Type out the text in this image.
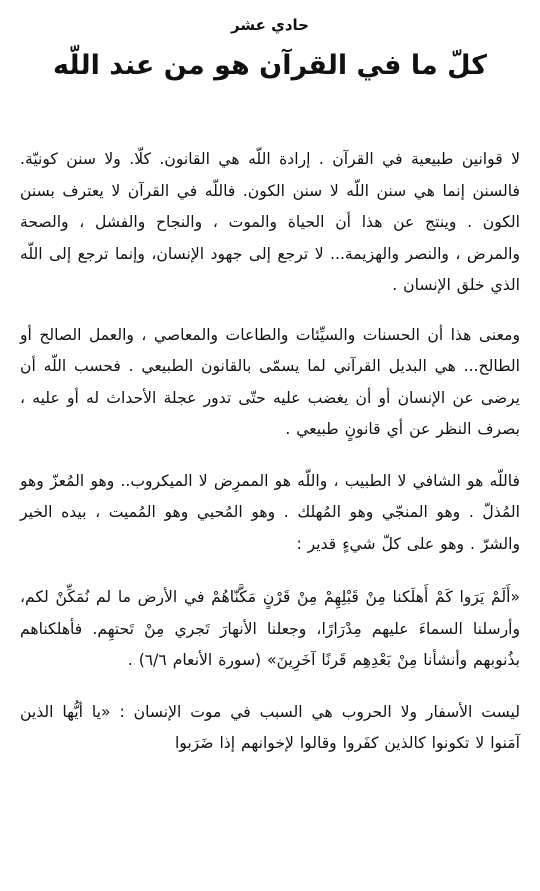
حادي عشر
كلّ ما في القرآن هو من عند اللّه

لا قوانين طبيعية في القرآن . إرادة اللّه هي القانون. كلّا. ولا سنن كونيّة. فالسنن إنما هي سنن اللّه لا سنن الكون. فاللّه في القرآن لا يعترف بسنن الكون . وينتج عن هذا أن الحياة والموت ، والنجاح والفشل ، والصحة والمرض ، والنصر والهزيمة... لا ترجع إلى جهود الإنسان، وإنما ترجع إلى اللّه الذي خلق الإنسان .

ومعنى هذا أن الحسنات والسيِّئات والطاعات والمعاصي ، والعمل الصالح أو الطالح... هي البديل القرآني لما يسمّى بالقانون الطبيعي . فحسب اللّه أن يرضى عن الإنسان أو أن يغضب عليه حتّى تدور عجلة الأحداث له أو عليه ، بصرف النظر عن أي قانونٍ طبيعي .

فاللّه هو الشافي لا الطبيب ، واللّه هو الممرِض لا الميكروب.. وهو المُعزّ وهو المُذلّ . وهو المنجّي وهو المُهلك . وهو المُحيي وهو المُميت ، بيده الخير والشرّ . وهو على كلّ شيءٍ قدير :

«أَلَمْ يَرَوا كَمْ أَهلَكنا مِنْ قَبْلِهِمْ مِنْ قَرْنٍ مَكَّنّاهُمْ في الأرض ما لم نُمَكِّنْ لكم، وأرسلنا السماءَ عليهم مِدْرَارًا، وجعلنا الأنهارَ تَجري مِنْ تَحتهِم. فأهلكناهم بذُنوبهم وأنشأنا مِنْ بَعْدِهِم قَرنًا آخَرِينَ» (سورة الأنعام ٦/٦) .

ليست الأسفار ولا الحروب هي السبب في موت الإنسان : «يا أيُّها الذين آمَنوا لا تكونوا كالذين كفَروا وقالوا لإخوانهم إذا ضَرَبوا
